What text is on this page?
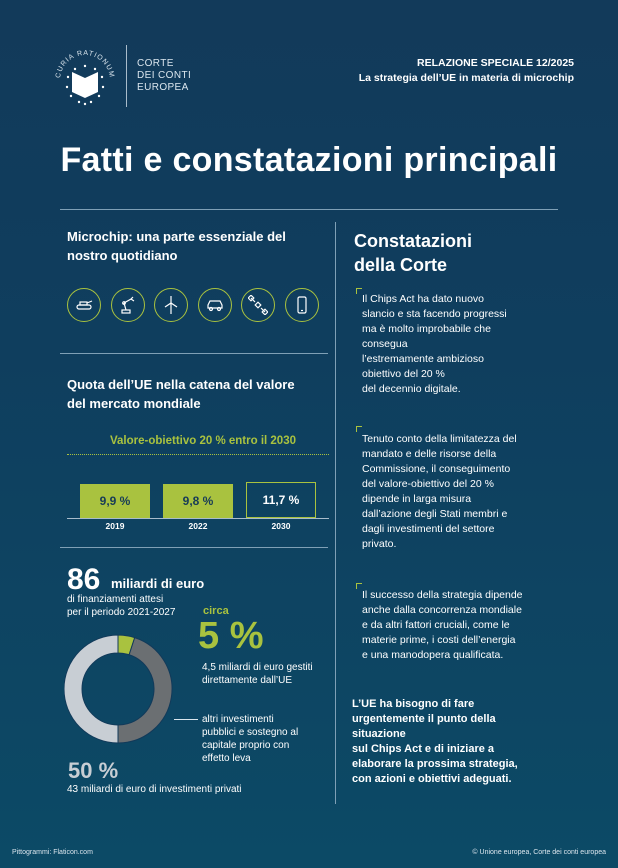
CURIA RATIONUM
CORTE
DEI CONTI
EUROPEA
RELAZIONE SPECIALE 12/2025
La strategia dell’UE in materia di microchip
Fatti e constatazioni principali
Microchip: una parte essenziale del
nostro quotidiano
Quota dell’UE nella catena del valore
del mercato mondiale
Valore-obiettivo 20 % entro il 2030
9,9 %	9,8 %	11,7 %
2019	2022	2030
86 miliardi di euro
di finanziamenti attesi
per il periodo 2021-2027	circa
5 %
4,5 miliardi di euro gestiti
direttamente dall’UE
altri investimenti
pubblici e sostegno al
capitale proprio con
effetto leva
50 %
43 miliardi di euro di investimenti privati
Constatazioni
della Corte
Il Chips Act ha dato nuovo
slancio e sta facendo progressi
ma è molto improbabile che
consegua
l’estremamente ambizioso
obiettivo del 20 %
del decennio digitale.
Tenuto conto della limitatezza del
mandato e delle risorse della
Commissione, il conseguimento
del valore-obiettivo del 20 %
dipende in larga misura
dall’azione degli Stati membri e
dagli investimenti del settore
privato.
Il successo della strategia dipende
anche dalla concorrenza mondiale
e da altri fattori cruciali, come le
materie prime, i costi dell’energia
e una manodopera qualificata.
L’UE ha bisogno di fare
urgentemente il punto della
situazione
sul Chips Act e di iniziare a
elaborare la prossima strategia,
con azioni e obiettivi adeguati.
Pittogrammi: Flaticon.com	© Unione europea, Corte dei conti europea
